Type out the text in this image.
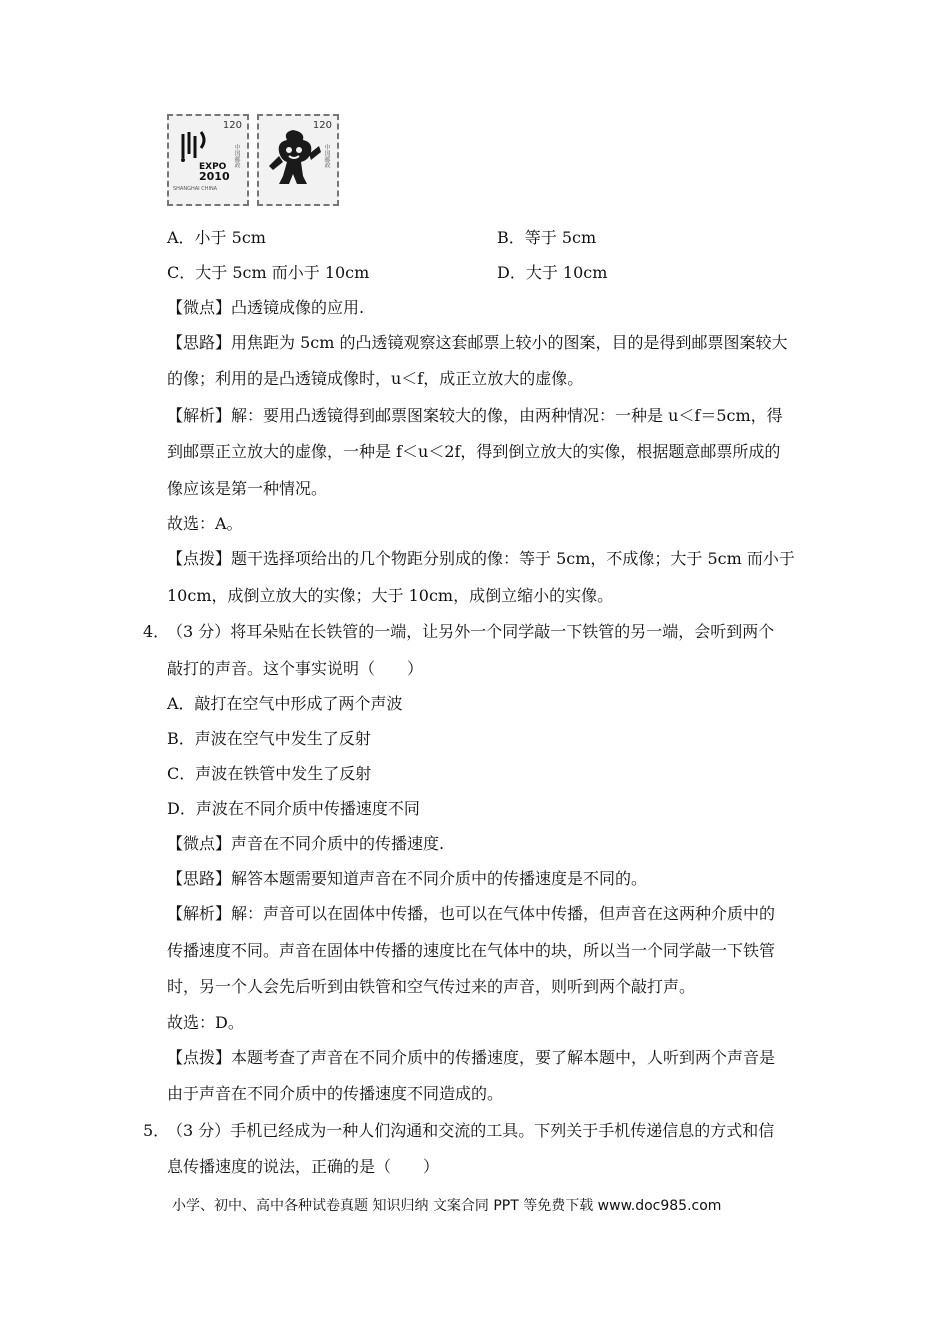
120
EXPO
2010
SHANGHAI CHINA
中国邮政
120
中国邮政
A．小于 5cm	B．等于 5cm
C．大于 5cm 而小于 10cm	D．大于 10cm
【微点】凸透镜成像的应用.
【思路】用焦距为 5cm 的凸透镜观察这套邮票上较小的图案，目的是得到邮票图案较大
的像；利用的是凸透镜成像时，u＜f，成正立放大的虚像。
【解析】解：要用凸透镜得到邮票图案较大的像，由两种情况：一种是 u＜f＝5cm，得
到邮票正立放大的虚像，一种是 f＜u＜2f，得到倒立放大的实像，根据题意邮票所成的
像应该是第一种情况。
故选：A。
【点拨】题干选择项给出的几个物距分别成的像：等于 5cm，不成像；大于 5cm 而小于
10cm，成倒立放大的实像；大于 10cm，成倒立缩小的实像。
4．
（3 分）将耳朵贴在长铁管的一端，让另外一个同学敲一下铁管的另一端，会听到两个
敲打的声音。这个事实说明（　　）
A．敲打在空气中形成了两个声波
B．声波在空气中发生了反射
C．声波在铁管中发生了反射
D．声波在不同介质中传播速度不同
【微点】声音在不同介质中的传播速度.
【思路】解答本题需要知道声音在不同介质中的传播速度是不同的。
【解析】解：声音可以在固体中传播，也可以在气体中传播，但声音在这两种介质中的
传播速度不同。声音在固体中传播的速度比在气体中的块，所以当一个同学敲一下铁管
时，另一个人会先后听到由铁管和空气传过来的声音，则听到两个敲打声。
故选：D。
【点拨】本题考查了声音在不同介质中的传播速度，要了解本题中，人听到两个声音是
由于声音在不同介质中的传播速度不同造成的。
5．
（3 分）手机已经成为一种人们沟通和交流的工具。下列关于手机传递信息的方式和信
息传播速度的说法，正确的是（　　）
小学、初中、高中各种试卷真题 知识归纳 文案合同 PPT 等免费下载 www.doc985.com
